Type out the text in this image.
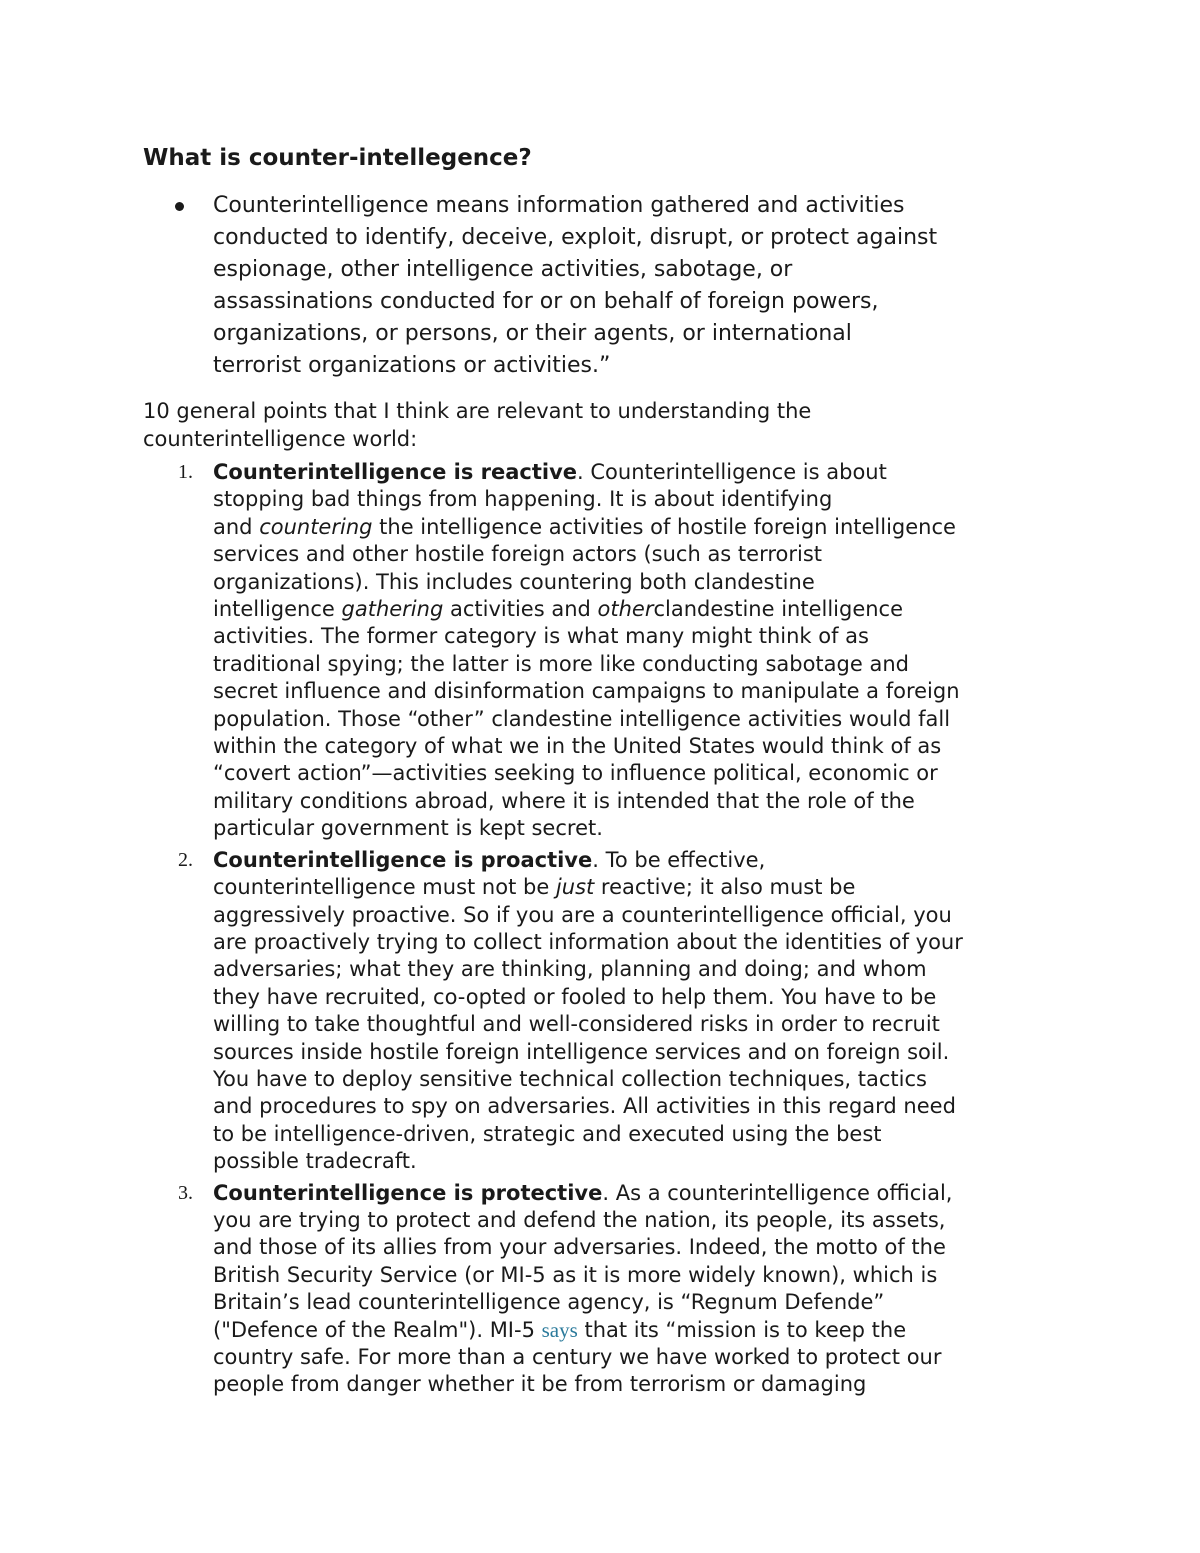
What is counter-intellegence?
Counterintelligence means information gathered and activities
conducted to identify, deceive, exploit, disrupt, or protect against
espionage, other intelligence activities, sabotage, or
assassinations conducted for or on behalf of foreign powers,
organizations, or persons, or their agents, or international
terrorist organizations or activities.”

10 general points that I think are relevant to understanding the
counterintelligence world:

1. Counterintelligence is reactive. Counterintelligence is about
stopping bad things from happening. It is about identifying
and countering the intelligence activities of hostile foreign intelligence
services and other hostile foreign actors (such as terrorist
organizations). This includes countering both clandestine
intelligence gathering activities and otherclandestine intelligence
activities. The former category is what many might think of as
traditional spying; the latter is more like conducting sabotage and
secret influence and disinformation campaigns to manipulate a foreign
population. Those “other” clandestine intelligence activities would fall
within the category of what we in the United States would think of as
“covert action”—activities seeking to influence political, economic or
military conditions abroad, where it is intended that the role of the
particular government is kept secret.
2. Counterintelligence is proactive. To be effective,
counterintelligence must not be just reactive; it also must be
aggressively proactive. So if you are a counterintelligence official, you
are proactively trying to collect information about the identities of your
adversaries; what they are thinking, planning and doing; and whom
they have recruited, co-opted or fooled to help them. You have to be
willing to take thoughtful and well-considered risks in order to recruit
sources inside hostile foreign intelligence services and on foreign soil.
You have to deploy sensitive technical collection techniques, tactics
and procedures to spy on adversaries. All activities in this regard need
to be intelligence-driven, strategic and executed using the best
possible tradecraft.
3. Counterintelligence is protective. As a counterintelligence official,
you are trying to protect and defend the nation, its people, its assets,
and those of its allies from your adversaries. Indeed, the motto of the
British Security Service (or MI-5 as it is more widely known), which is
Britain’s lead counterintelligence agency, is “Regnum Defende”
("Defence of the Realm"). MI-5 says that its “mission is to keep the
country safe. For more than a century we have worked to protect our
people from danger whether it be from terrorism or damaging
